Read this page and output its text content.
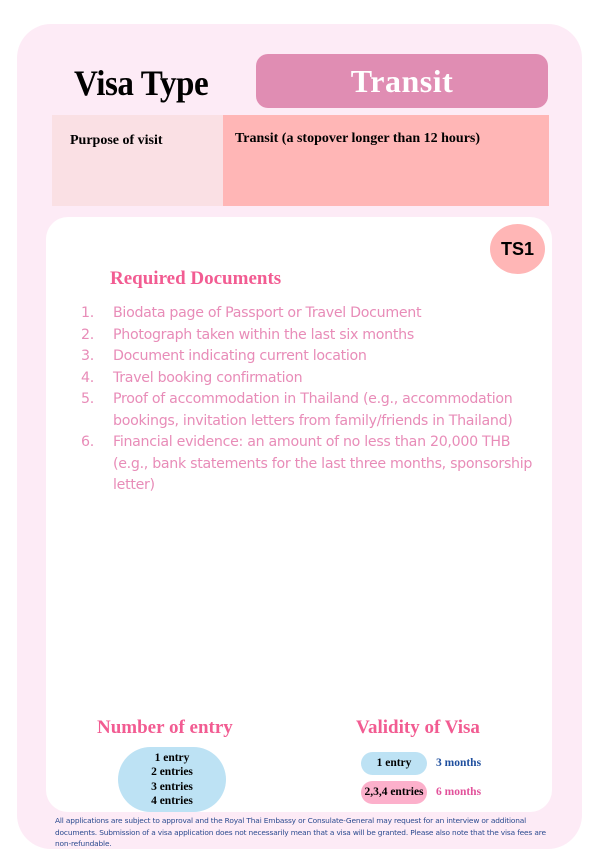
Visa Type	Transit
Purpose of visit	Transit (a stopover longer than 12 hours)
TS1
Required Documents
1.	Biodata page of Passport or Travel Document
2.	Photograph taken within the last six months
3.	Document indicating current location
4.	Travel booking confirmation
5.	Proof of accommodation in Thailand (e.g., accommodation bookings, invitation letters from family/friends in Thailand)
6.	Financial evidence: an amount of no less than 20,000 THB (e.g., bank statements for the last three months, sponsorship letter)
Number of entry
1 entry
2 entries
3 entries
4 entries
Validity of Visa
1 entry 3 months
2,3,4 entries 6 months
All applications are subject to approval and the Royal Thai Embassy or Consulate-General may request for an interview or additional documents. Submission of a visa application does not necessarily mean that a visa will be granted. Please also note that the visa fees are non-refundable.
